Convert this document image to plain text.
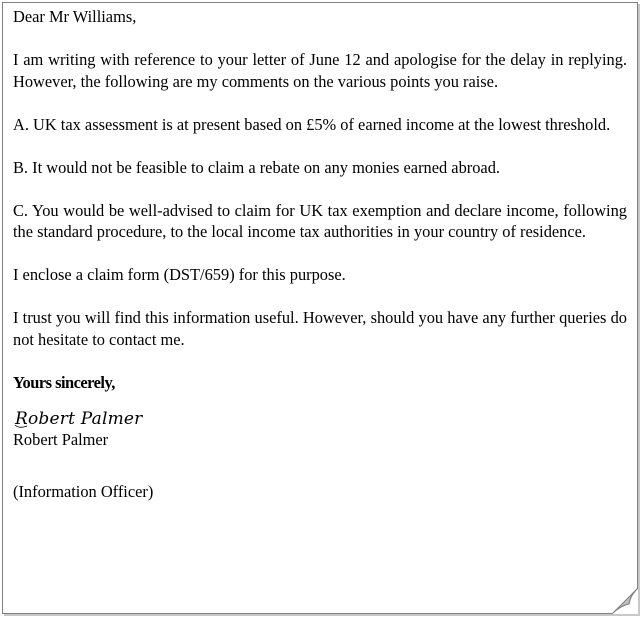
Dear Mr Williams,

I am writing with reference to your letter of June 12 and apologise for the delay in replying. However, the following are my comments on the various points you raise.

A. UK tax assessment is at present based on £5% of earned income at the lowest threshold.

B. It would not be feasible to claim a rebate on any monies earned abroad.

C. You would be well-advised to claim for UK tax exemption and declare income, following the standard procedure, to the local income tax authorities in your country of residence.

I enclose a claim form (DST/659) for this purpose.

I trust you will find this information useful. However, should you have any further queries do not hesitate to contact me.

Yours sincerely,

Robert Palmer

Robert Palmer

(Information Officer)
